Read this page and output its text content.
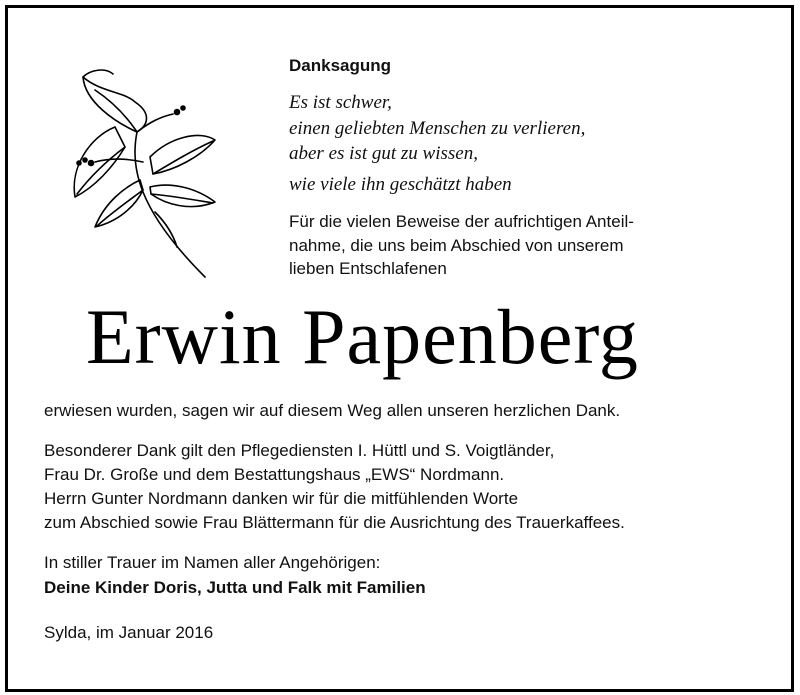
Danksagung
Es ist schwer,
einen geliebten Menschen zu verlieren,
aber es ist gut zu wissen,
wie viele ihn geschätzt haben
Für die vielen Beweise der aufrichtigen Anteil-
nahme, die uns beim Abschied von unserem
lieben Entschlafenen
Erwin Papenberg
erwiesen wurden, sagen wir auf diesem Weg allen unseren herzlichen Dank.
Besonderer Dank gilt den Pflegediensten I. Hüttl und S. Voigtländer,
Frau Dr. Große und dem Bestattungshaus „EWS“ Nordmann.
Herrn Gunter Nordmann danken wir für die mitfühlenden Worte
zum Abschied sowie Frau Blättermann für die Ausrichtung des Trauerkaffees.
In stiller Trauer im Namen aller Angehörigen:
Deine Kinder Doris, Jutta und Falk mit Familien
Sylda, im Januar 2016
